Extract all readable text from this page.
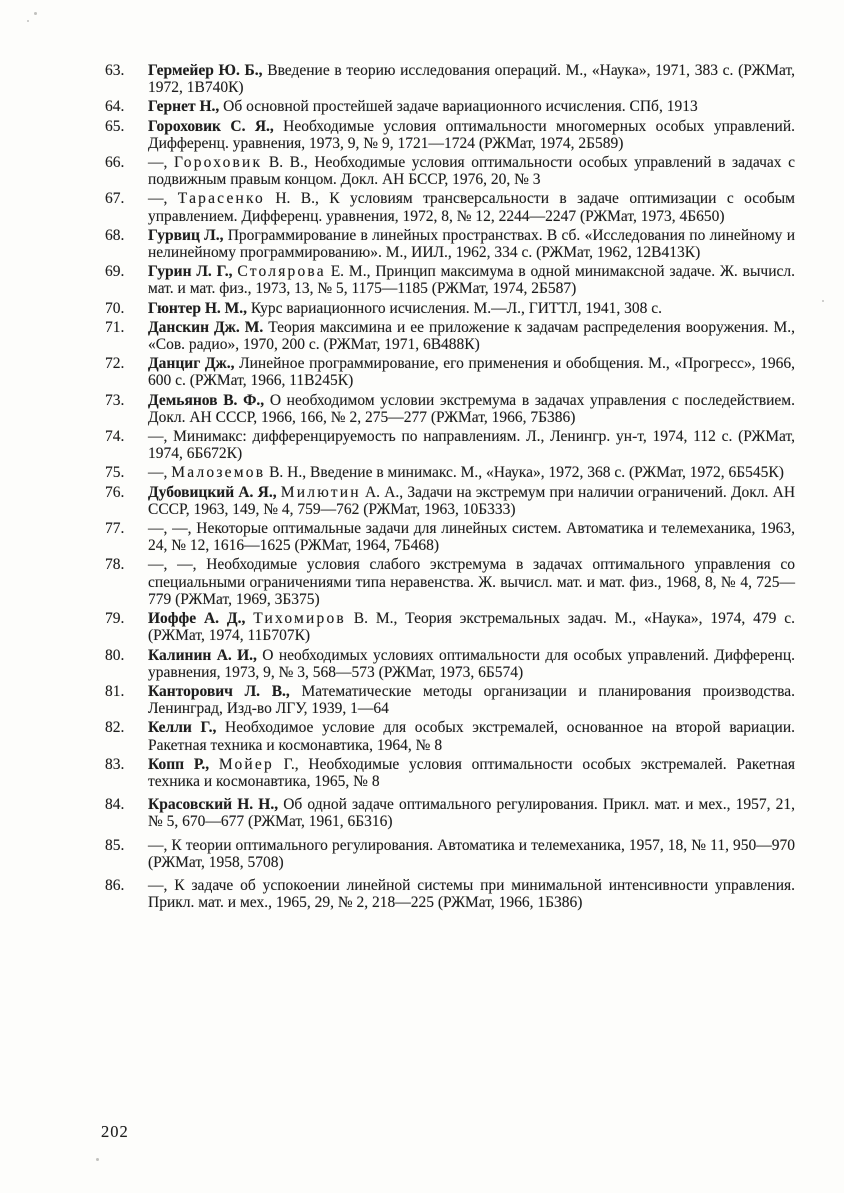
63. Гермейер Ю. Б., Введение в теорию исследования операций. М., «Наука», 1971, 383 с. (РЖМат, 1972, 1В740К)
64. Гернет Н., Об основной простейшей задаче вариационного исчисления. СПб, 1913
65. Гороховик С. Я., Необходимые условия оптимальности многомерных особых управлений. Дифференц. уравнения, 1973, 9, № 9, 1721—1724 (РЖМат, 1974, 2Б589)
66. —, Гороховик В. В., Необходимые условия оптимальности особых управлений в задачах с подвижным правым концом. Докл. АН БССР, 1976, 20, № 3
67. —, Тарасенко Н. В., К условиям трансверсальности в задаче оптимизации с особым управлением. Дифференц. уравнения, 1972, 8, № 12, 2244—2247 (РЖМат, 1973, 4Б650)
68. Гурвиц Л., Программирование в линейных пространствах. В сб. «Исследования по линейному и нелинейному программированию». М., ИИЛ., 1962, 334 с. (РЖМат, 1962, 12В413К)
69. Гурин Л. Г., Столярова Е. М., Принцип максимума в одной минимаксной задаче. Ж. вычисл. мат. и мат. физ., 1973, 13, № 5, 1175—1185 (РЖМат, 1974, 2Б587)
70. Гюнтер Н. М., Курс вариационного исчисления. М.—Л., ГИТТЛ, 1941, 308 с.
71. Данскин Дж. М. Теория максимина и ее приложение к задачам распределения вооружения. М., «Сов. радио», 1970, 200 с. (РЖМат, 1971, 6В488К)
72. Данциг Дж., Линейное программирование, его применения и обобщения. М., «Прогресс», 1966, 600 с. (РЖМат, 1966, 11В245К)
73. Демьянов В. Ф., О необходимом условии экстремума в задачах управления с последействием. Докл. АН СССР, 1966, 166, № 2, 275—277 (РЖМат, 1966, 7Б386)
74. —, Минимакс: дифференцируемость по направлениям. Л., Ленингр. ун-т, 1974, 112 с. (РЖМат, 1974, 6Б672К)
75. —, Малоземов В. Н., Введение в минимакс. М., «Наука», 1972, 368 с. (РЖМат, 1972, 6Б545К)
76. Дубовицкий А. Я., Милютин А. А., Задачи на экстремум при наличии ограничений. Докл. АН СССР, 1963, 149, № 4, 759—762 (РЖМат, 1963, 10Б333)
77. —, —, Некоторые оптимальные задачи для линейных систем. Автоматика и телемеханика, 1963, 24, № 12, 1616—1625 (РЖМат, 1964, 7Б468)
78. —, —, Необходимые условия слабого экстремума в задачах оптимального управления со специальными ограничениями типа неравенства. Ж. вычисл. мат. и мат. физ., 1968, 8, № 4, 725—779 (РЖМат, 1969, 3Б375)
79. Иоффе А. Д., Тихомиров В. М., Теория экстремальных задач. М., «Наука», 1974, 479 с. (РЖМат, 1974, 11Б707К)
80. Калинин А. И., О необходимых условиях оптимальности для особых управлений. Дифференц. уравнения, 1973, 9, № 3, 568—573 (РЖМат, 1973, 6Б574)
81. Канторович Л. В., Математические методы организации и планирования производства. Ленинград, Изд-во ЛГУ, 1939, 1—64
82. Келли Г., Необходимое условие для особых экстремалей, основанное на второй вариации. Ракетная техника и космонавтика, 1964, № 8
83. Копп Р., Мойер Г., Необходимые условия оптимальности особых экстремалей. Ракетная техника и космонавтика, 1965, № 8
84. Красовский Н. Н., Об одной задаче оптимального регулирования. Прикл. мат. и мех., 1957, 21, № 5, 670—677 (РЖМат, 1961, 6Б316)
85. —, К теории оптимального регулирования. Автоматика и телемеханика, 1957, 18, № 11, 950—970 (РЖМат, 1958, 5708)
86. —, К задаче об успокоении линейной системы при минимальной интенсивности управления. Прикл. мат. и мех., 1965, 29, № 2, 218—225 (РЖМат, 1966, 1Б386)
202
